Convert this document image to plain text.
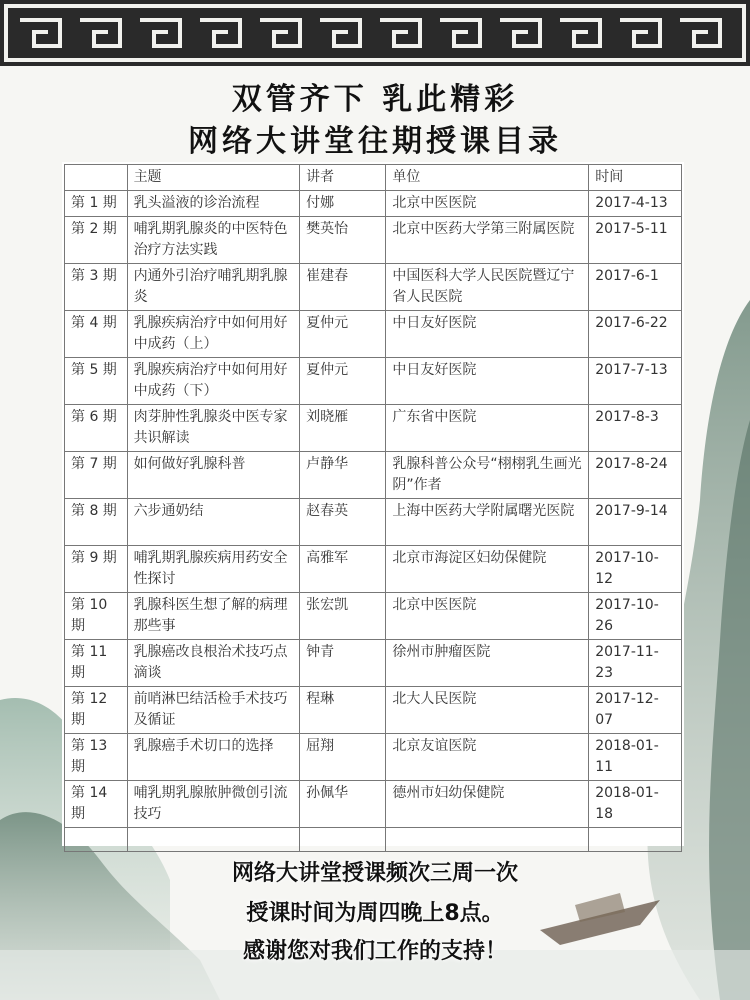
双管齐下 乳此精彩
网络大讲堂往期授课目录
	主题	讲者	单位	时间
第 1 期	乳头溢液的诊治流程	付娜	北京中医医院	2017-4-13
第 2 期	哺乳期乳腺炎的中医特色治疗方法实践	樊英怡	北京中医药大学第三附属医院	2017-5-11
第 3 期	内通外引治疗哺乳期乳腺炎	崔建春	中国医科大学人民医院暨辽宁省人民医院	2017-6-1
第 4 期	乳腺疾病治疗中如何用好中成药（上）	夏仲元	中日友好医院	2017-6-22
第 5 期	乳腺疾病治疗中如何用好中成药（下）	夏仲元	中日友好医院	2017-7-13
第 6 期	肉芽肿性乳腺炎中医专家共识解读	刘晓雁	广东省中医院	2017-8-3
第 7 期	如何做好乳腺科普	卢静华	乳腺科普公众号“栩栩乳生画光阴”作者	2017-8-24
第 8 期	六步通奶结	赵春英	上海中医药大学附属曙光医院	2017-9-14
第 9 期	哺乳期乳腺疾病用药安全性探讨	高雅军	北京市海淀区妇幼保健院	2017-10-12
第 10 期	乳腺科医生想了解的病理那些事	张宏凯	北京中医医院	2017-10-26
第 11 期	乳腺癌改良根治术技巧点滴谈	钟青	徐州市肿瘤医院	2017-11-23
第 12 期	前哨淋巴结活检手术技巧及循证	程琳	北大人民医院	2017-12-07
第 13 期	乳腺癌手术切口的选择	屈翔	北京友谊医院	2018-01-11
第 14 期	哺乳期乳腺脓肿微创引流技巧	孙佩华	德州市妇幼保健院	2018-01-18

网络大讲堂授课频次三周一次
授课时间为周四晚上8点。
感谢您对我们工作的支持！
